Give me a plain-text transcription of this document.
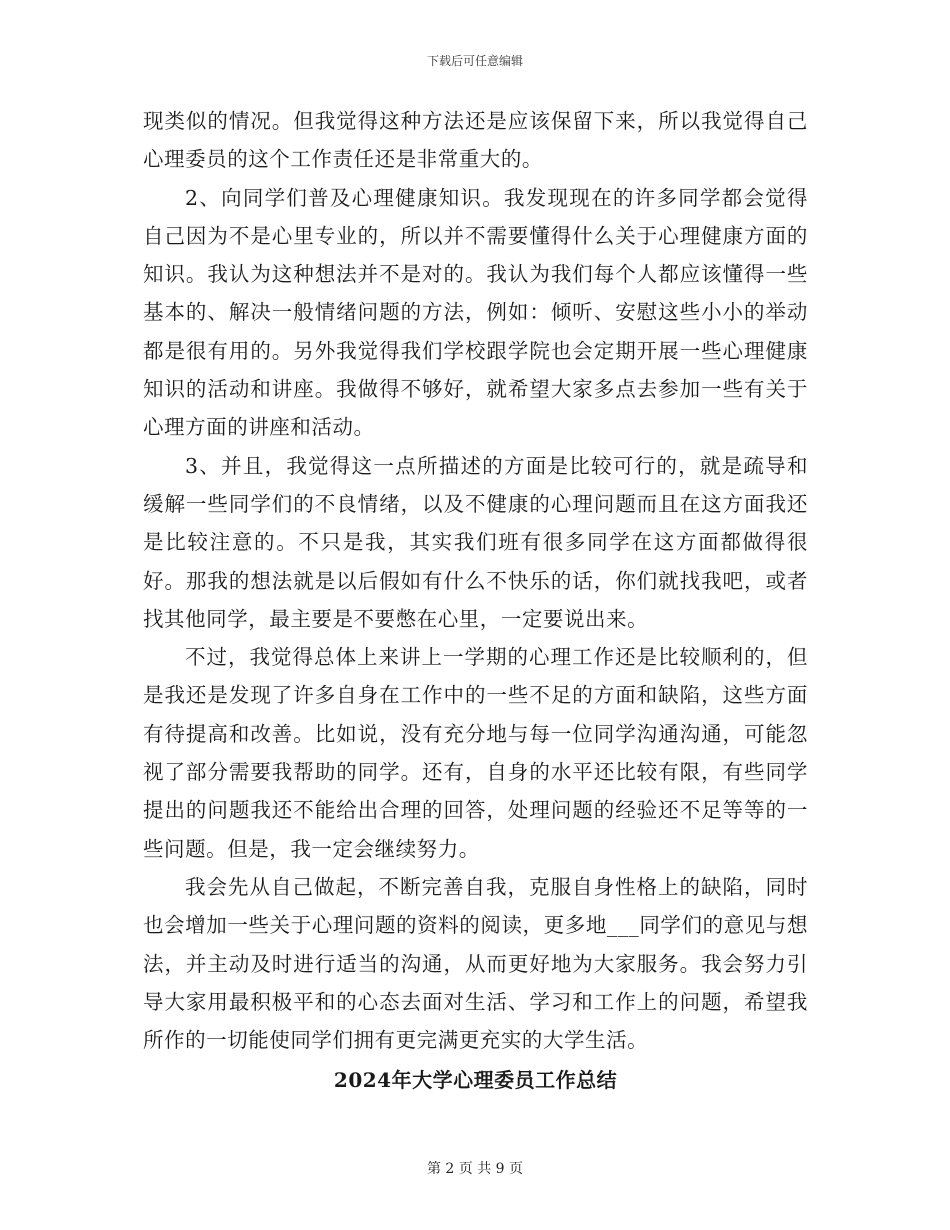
下载后可任意编辑

现类似的情况。但我觉得这种方法还是应该保留下来，所以我觉得自己心理委员的这个工作责任还是非常重大的。

2、向同学们普及心理健康知识。我发现现在的许多同学都会觉得自己因为不是心里专业的，所以并不需要懂得什么关于心理健康方面的知识。我认为这种想法并不是对的。我认为我们每个人都应该懂得一些基本的、解决一般情绪问题的方法，例如：倾听、安慰这些小小的举动都是很有用的。另外我觉得我们学校跟学院也会定期开展一些心理健康知识的活动和讲座。我做得不够好，就希望大家多点去参加一些有关于心理方面的讲座和活动。

3、并且，我觉得这一点所描述的方面是比较可行的，就是疏导和缓解一些同学们的不良情绪，以及不健康的心理问题而且在这方面我还是比较注意的。不只是我，其实我们班有很多同学在这方面都做得很好。那我的想法就是以后假如有什么不快乐的话，你们就找我吧，或者找其他同学，最主要是不要憋在心里，一定要说出来。

不过，我觉得总体上来讲上一学期的心理工作还是比较顺利的，但是我还是发现了许多自身在工作中的一些不足的方面和缺陷，这些方面有待提高和改善。比如说，没有充分地与每一位同学沟通沟通，可能忽视了部分需要我帮助的同学。还有，自身的水平还比较有限，有些同学提出的问题我还不能给出合理的回答，处理问题的经验还不足等等的一些问题。但是，我一定会继续努力。

我会先从自己做起，不断完善自我，克服自身性格上的缺陷，同时也会增加一些关于心理问题的资料的阅读，更多地___同学们的意见与想法，并主动及时进行适当的沟通，从而更好地为大家服务。我会努力引导大家用最积极平和的心态去面对生活、学习和工作上的问题，希望我所作的一切能使同学们拥有更完满更充实的大学生活。

2024年大学心理委员工作总结
第 2 页 共 9 页
